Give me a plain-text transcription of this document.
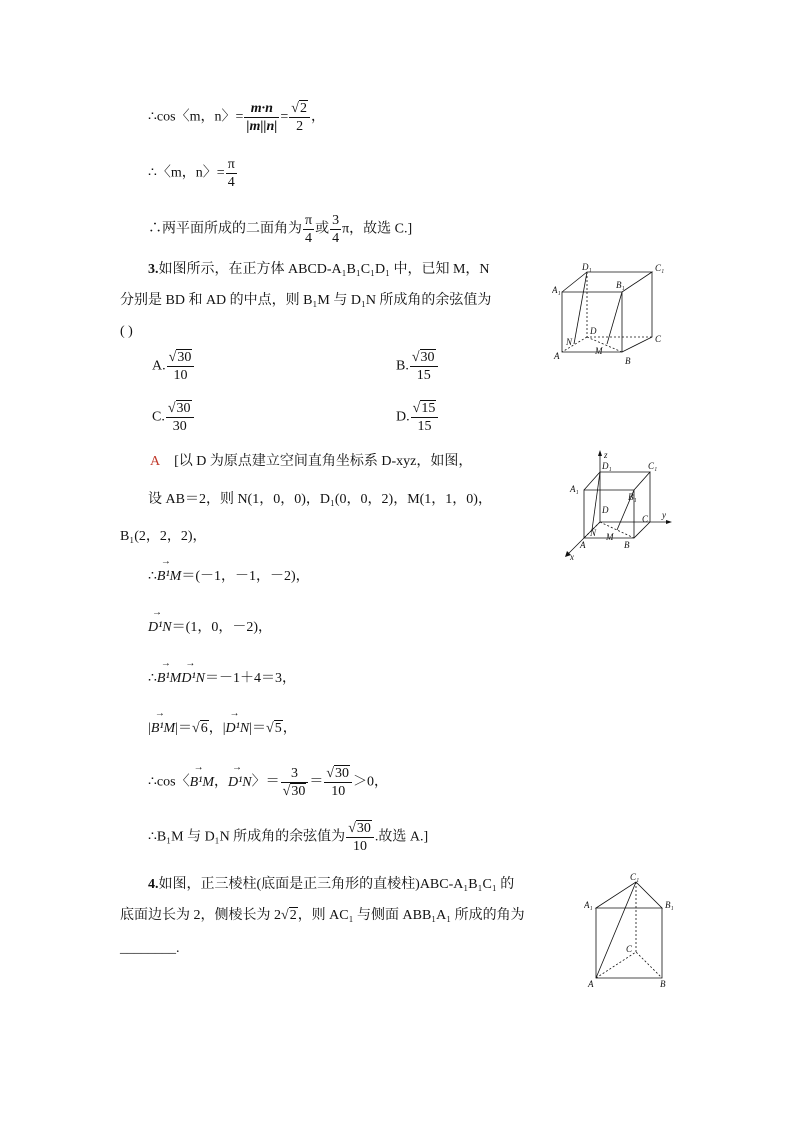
∴cos〈m，n〉= $\frac{m\cdot n}{|m||n|} = \frac{√2}{2}$ ，
∴〈m，n〉= $\frac{\pi}{4}$
∴两平面所成的二面角为 $\frac{\pi}{4}$ 或 $\frac{3}{4}$ π，故选 C.]
3.如图所示，在正方体 ABCD-A₁B₁C₁D₁ 中，已知 M，N
分别是 BD 和 AD 的中点，则 B₁M 与 D₁N 所成角的余弦值为
( )
A. $\frac{√30}{10}$	B. $\frac{√30}{15}$
C. $\frac{√30}{30}$	D. $\frac{√15}{15}$
A [以 D 为原点建立空间直角坐标系 D-xyz，如图，
设 AB＝2，则 N(1，0，0)，D₁(0，0，2)，M(1，1，0)，
B₁(2，2，2)，
∴→ B¹M＝(－1，－1，－2)，
→ D¹N＝(1，0，－2)，
∴→ B¹M→ D¹N＝－1＋4＝3，
|→ B¹M|＝√6，|→ D¹N|＝√5，
∴cos〈→ B¹M，→ D¹N〉＝ $\frac{3}{√30} = \frac{√30}{10} >0$，
∴B₁M 与 D₁N 所成角的余弦值为 $\frac{√30}{10}$ .故选 A.]
4.如图，正三棱柱(底面是正三角形的直棱柱)ABC-A₁B₁C₁ 的
底面边长为 2，侧棱长为 2√2，则 AC₁ 与侧面 ABB₁A₁ 所成的角为
________.
D₁	C₁
A₁	B₁
D
C
A	B
N
M
z
D₁	C₁
A₁
B₁
D
C y
A	B
N M
x
C₁
A₁	B₁
C
A	B
